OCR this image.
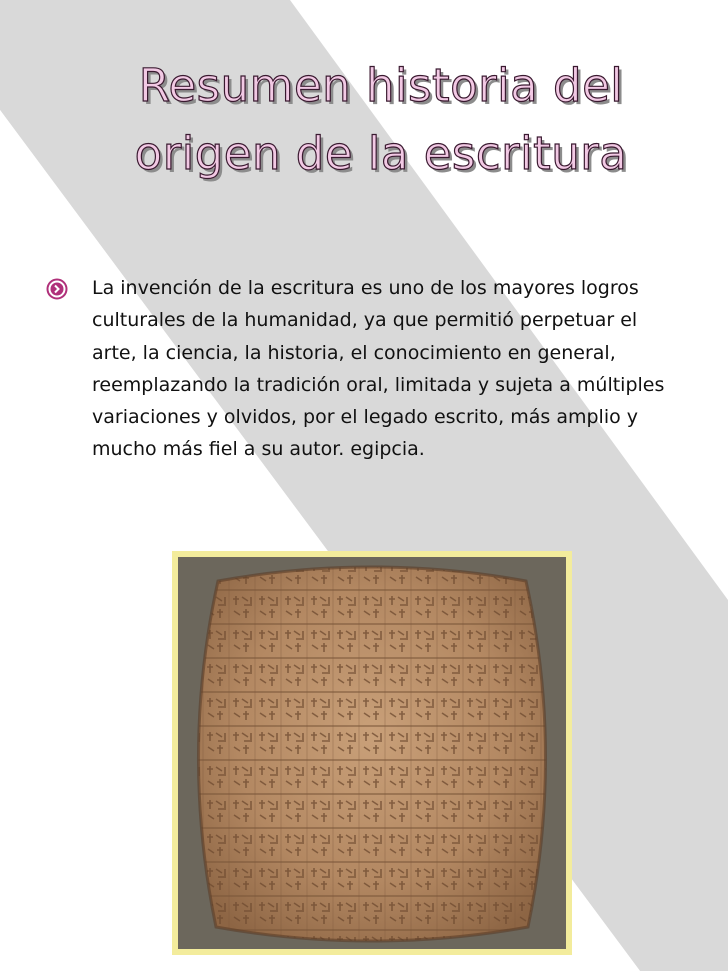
Resumen historia del origen de la escritura

La invención de la escritura es uno de los mayores logros culturales de la humanidad, ya que permitió perpetuar el arte, la ciencia, la historia, el conocimiento en general, reemplazando la tradición oral, limitada y sujeta a múltiples variaciones y olvidos, por el legado escrito, más amplio y mucho más fiel a su autor. egipcia.
